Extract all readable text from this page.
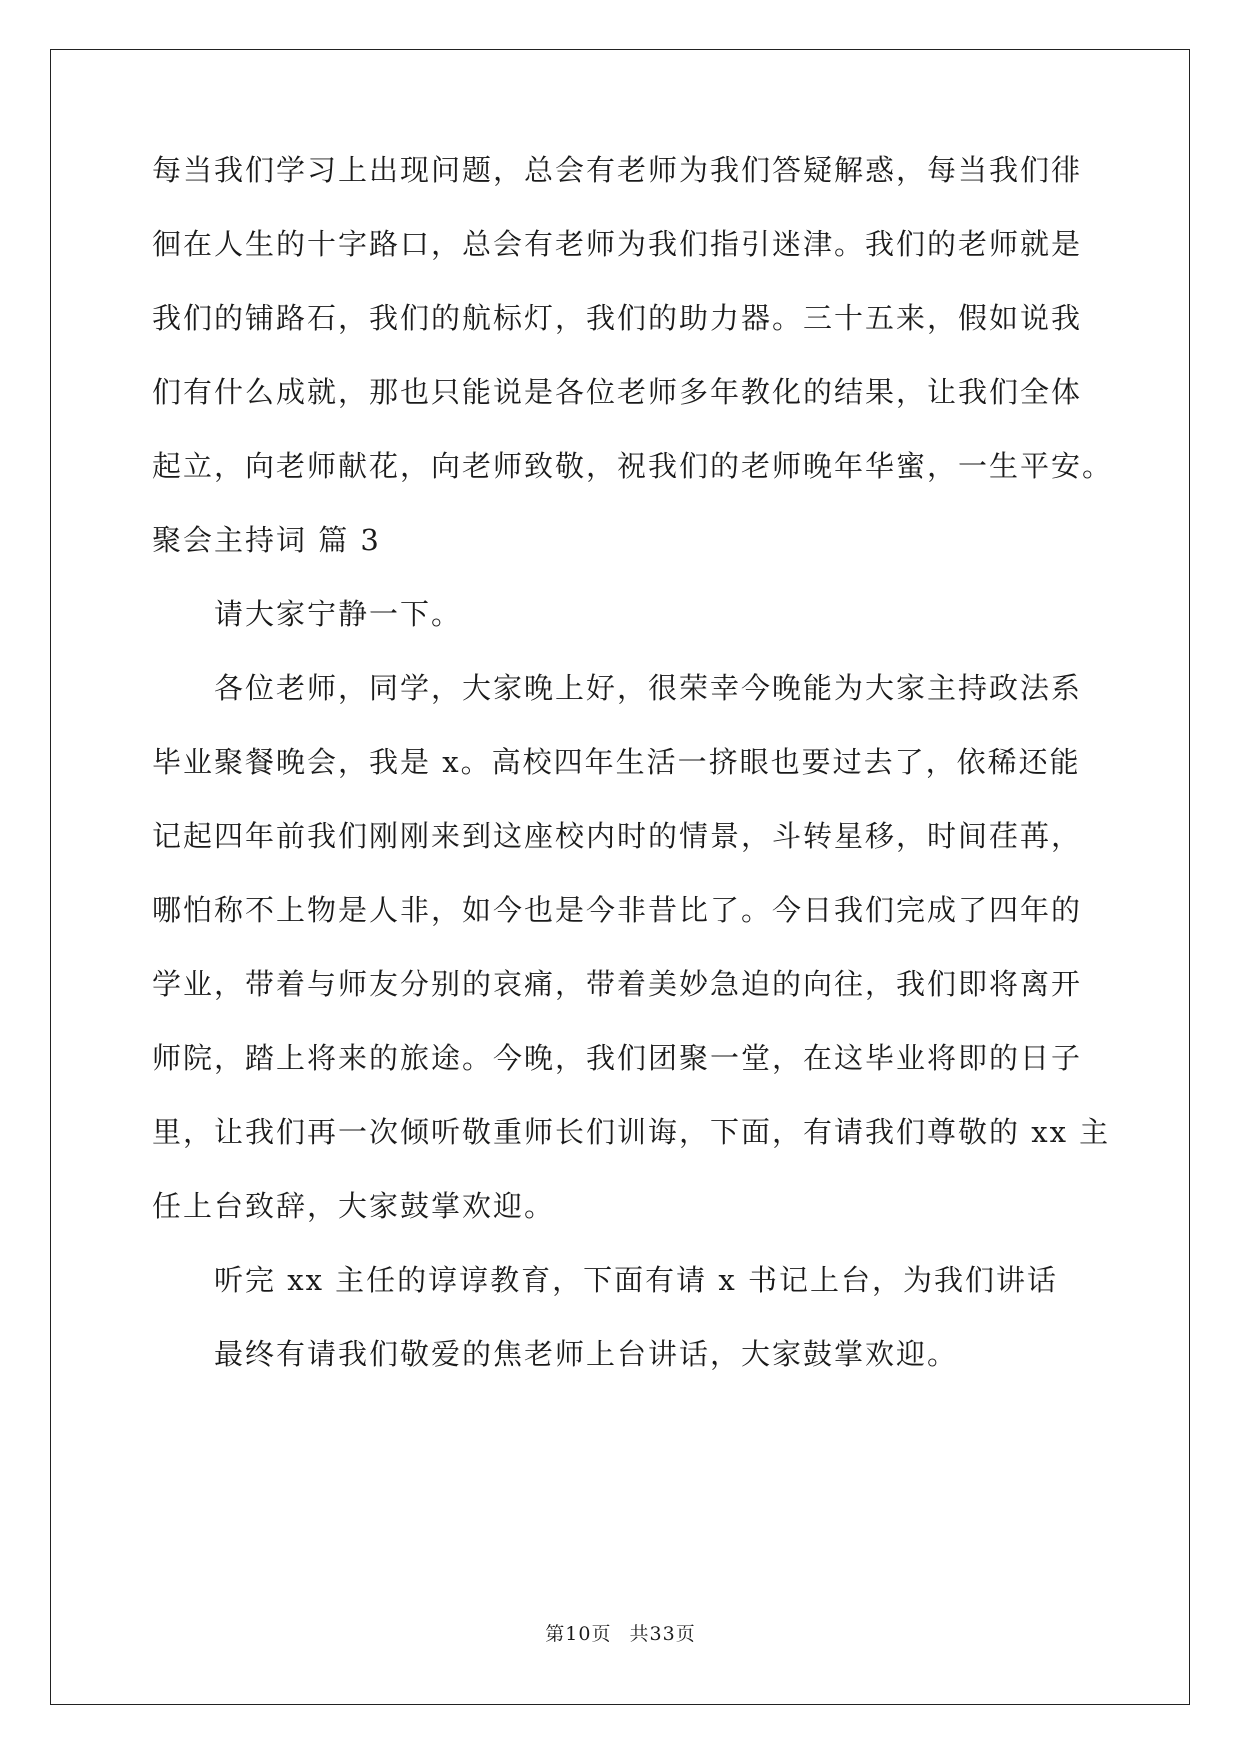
每当我们学习上出现问题，总会有老师为我们答疑解惑，每当我们徘
徊在人生的十字路口，总会有老师为我们指引迷津。我们的老师就是
我们的铺路石，我们的航标灯，我们的助力器。三十五来，假如说我
们有什么成就，那也只能说是各位老师多年教化的结果，让我们全体
起立，向老师献花，向老师致敬，祝我们的老师晚年华蜜，一生平安。
聚会主持词 篇 3
请大家宁静一下。
各位老师，同学，大家晚上好，很荣幸今晚能为大家主持政法系
毕业聚餐晚会，我是 x。高校四年生活一挤眼也要过去了，依稀还能
记起四年前我们刚刚来到这座校内时的情景，斗转星移，时间荏苒，
哪怕称不上物是人非，如今也是今非昔比了。今日我们完成了四年的
学业，带着与师友分别的哀痛，带着美妙急迫的向往，我们即将离开
师院，踏上将来的旅途。今晚，我们团聚一堂，在这毕业将即的日子
里，让我们再一次倾听敬重师长们训诲，下面，有请我们尊敬的 xx 主
任上台致辞，大家鼓掌欢迎。
听完 xx 主任的谆谆教育，下面有请 x 书记上台，为我们讲话
最终有请我们敬爱的焦老师上台讲话，大家鼓掌欢迎。
第10页 共33页
